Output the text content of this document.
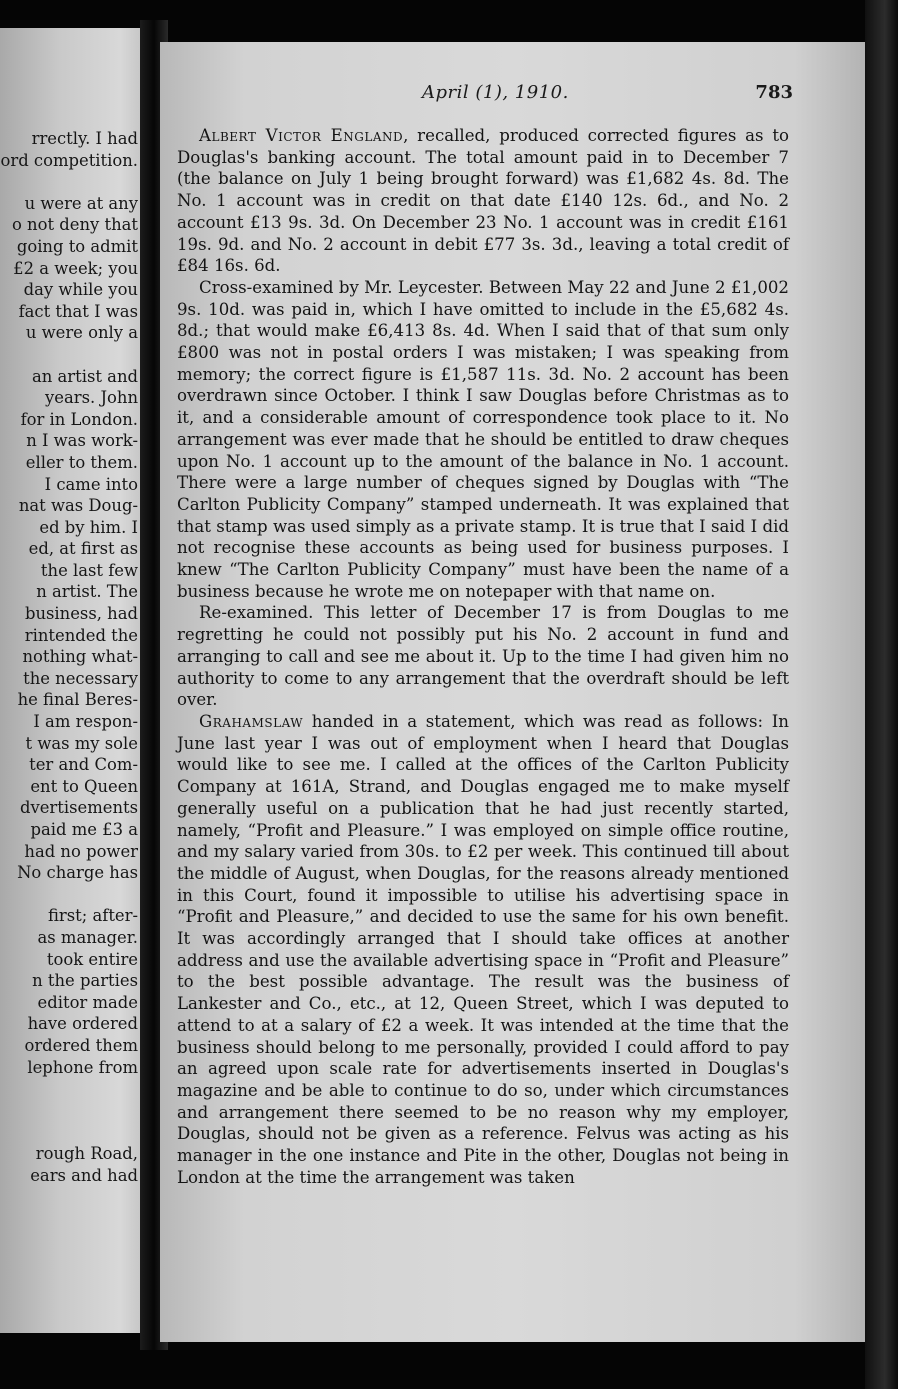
rrectly. I had
ord competition.
u were at any
o not deny that
going to admit
£2 a week; you
day while you
fact that I was
u were only a
an artist and
years. John
for in London.
n I was work-
eller to them.
I came into
nat was Doug-
ed by him. I
ed, at first as
the last few
n artist. The
business, had
rintended the
nothing what-
the necessary
he final Beres-
I am respon-
t was my sole
ter and Com-
ent to Queen
dvertisements
paid me £3 a
had no power
No charge has
first; after-
as manager.
took entire
n the parties
editor made
have ordered
ordered them
lephone from
rough Road,
ears and had
April (1), 1910.	783

Albert Victor England, recalled, produced corrected figures as to Douglas's banking account. The total amount paid in to December 7 (the balance on July 1 being brought forward) was £1,682 4s. 8d. The No. 1 account was in credit on that date £140 12s. 6d., and No. 2 account £13 9s. 3d. On December 23 No. 1 account was in credit £161 19s. 9d. and No. 2 account in debit £77 3s. 3d., leaving a total credit of £84 16s. 6d.

Cross-examined by Mr. Leycester. Between May 22 and June 2 £1,002 9s. 10d. was paid in, which I have omitted to include in the £5,682 4s. 8d.; that would make £6,413 8s. 4d. When I said that of that sum only £800 was not in postal orders I was mistaken; I was speaking from memory; the correct figure is £1,587 11s. 3d. No. 2 account has been overdrawn since October. I think I saw Douglas before Christmas as to it, and a considerable amount of correspondence took place to it. No arrangement was ever made that he should be entitled to draw cheques upon No. 1 account up to the amount of the balance in No. 1 account. There were a large number of cheques signed by Douglas with “The Carlton Publicity Company” stamped underneath. It was explained that that stamp was used simply as a private stamp. It is true that I said I did not recognise these accounts as being used for business purposes. I knew “The Carlton Publicity Company” must have been the name of a business because he wrote me on notepaper with that name on.

Re-examined. This letter of December 17 is from Douglas to me regretting he could not possibly put his No. 2 account in fund and arranging to call and see me about it. Up to the time I had given him no authority to come to any arrangement that the overdraft should be left over.

Grahamslaw handed in a statement, which was read as follows: In June last year I was out of employment when I heard that Douglas would like to see me. I called at the offices of the Carlton Publicity Company at 161A, Strand, and Douglas engaged me to make myself generally useful on a publication that he had just recently started, namely, “Profit and Pleasure.” I was employed on simple office routine, and my salary varied from 30s. to £2 per week. This continued till about the middle of August, when Douglas, for the reasons already mentioned in this Court, found it impossible to utilise his advertising space in “Profit and Pleasure,” and decided to use the same for his own benefit. It was accordingly arranged that I should take offices at another address and use the available advertising space in “Profit and Pleasure” to the best possible advantage. The result was the business of Lankester and Co., etc., at 12, Queen Street, which I was deputed to attend to at a salary of £2 a week. It was intended at the time that the business should belong to me personally, provided I could afford to pay an agreed upon scale rate for advertisements inserted in Douglas's magazine and be able to continue to do so, under which circumstances and arrangement there seemed to be no reason why my employer, Douglas, should not be given as a reference. Felvus was acting as his manager in the one instance and Pite in the other, Douglas not being in London at the time the arrangement was taken
